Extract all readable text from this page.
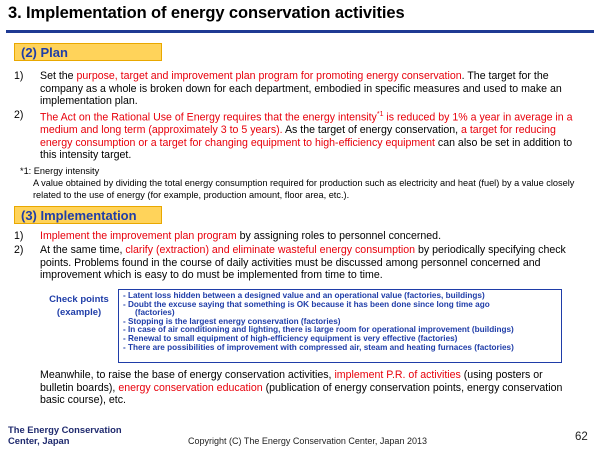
3. Implementation of energy conservation activities
(2) Plan
1) Set the purpose, target and improvement plan program for promoting energy conservation. The target for the company as a whole is broken down for each department, embodied in specific measures and used to make an implementation plan.
2) The Act on the Rational Use of Energy requires that the energy intensity$^{*1}$ is reduced by 1% a year in average in a medium and long term (approximately 3 to 5 years). As the target of energy conservation, a target for reducing energy consumption or a target for changing equipment to high-efficiency equipment can also be set in addition to this intensity target.
*1: Energy intensity
A value obtained by dividing the total energy consumption required for production such as electricity and heat (fuel) by a value closely related to the use of energy (for example, production amount, floor area, etc.).
(3) Implementation
1) Implement the improvement plan program by assigning roles to personnel concerned.
2) At the same time, clarify (extraction) and eliminate wasteful energy consumption by periodically specifying check points. Problems found in the course of daily activities must be discussed among personnel concerned and improvement which is easy to do must be implemented from time to time.
Check points
(example)
- Latent loss hidden between a designed value and an operational value (factories, buildings)
- Doubt the excuse saying that something is OK because it has been done since long time ago
(factories)
- Stopping is the largest energy conservation (factories)
- In case of air conditioning and lighting, there is large room for operational improvement (buildings)
- Renewal to small equipment of high-efficiency equipment is very effective (factories)
- There are possibilities of improvement with compressed air, steam and heating furnaces (factories)
Meanwhile, to raise the base of energy conservation activities, implement P.R. of activities (using posters or bulletin boards), energy conservation education (publication of energy conservation points, energy conservation basic course), etc.
The Energy Conservation
Center, Japan	Copyright (C) The Energy Conservation Center, Japan 2013	62
